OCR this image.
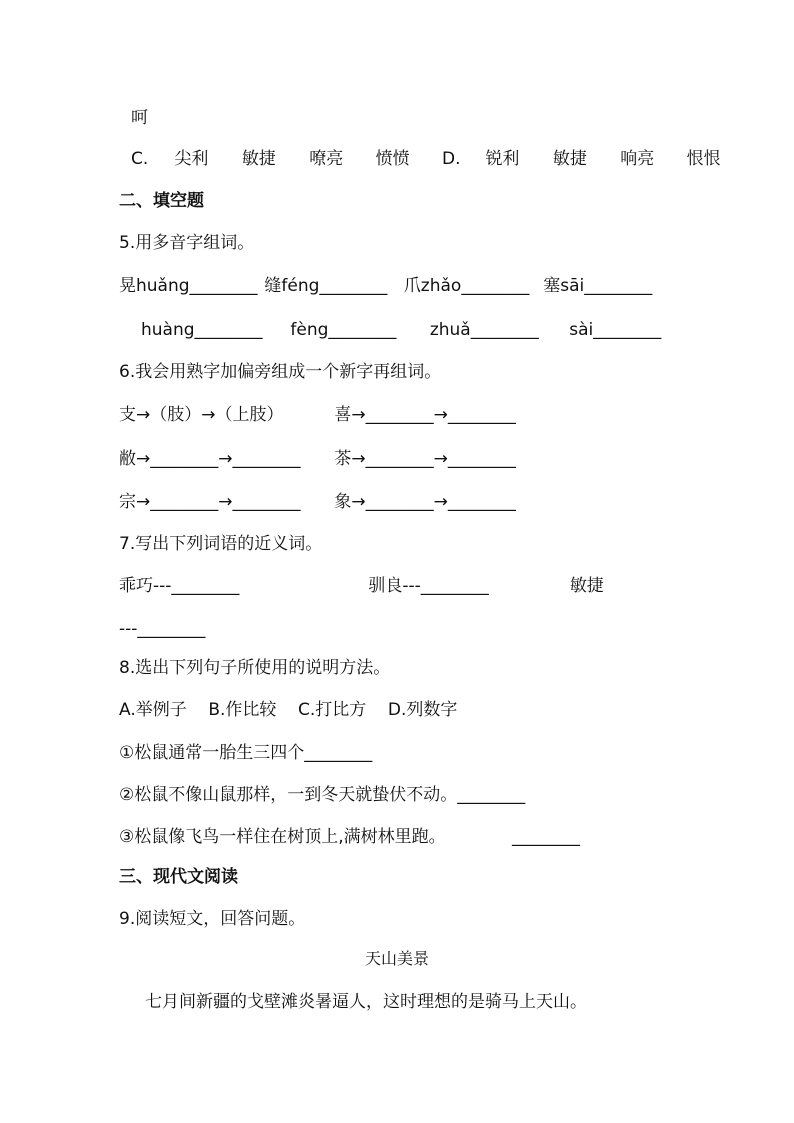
呵
C. 尖利 敏捷 嘹亮 愤愤 D. 锐利 敏捷 响亮 恨恨
二、填空题
5.用多音字组词。
晃huǎng________ 缝féng________ 爪zhǎo________ 塞sāi________
huàng________ fèng________ zhuǎ________ sài________
6.我会用熟字加偏旁组成一个新字再组词。
支→（肢）→（上肢）	喜→________→________
敝→________→________ 茶→________→________
宗→________→________ 象→________→________
7.写出下列词语的近义词。
乖巧---________	驯良---________	敏捷
---________
8.选出下列句子所使用的说明方法。
A.举例子    B.作比较    C.打比方    D.列数字
①松鼠通常一胎生三四个________
②松鼠不像山鼠那样，一到冬天就蛰伏不动。________
③松鼠像飞鸟一样住在树顶上,满树林里跑。	________
三、现代文阅读
9.阅读短文，回答问题。
天山美景
七月间新疆的戈壁滩炎暑逼人，这时理想的是骑马上天山。
